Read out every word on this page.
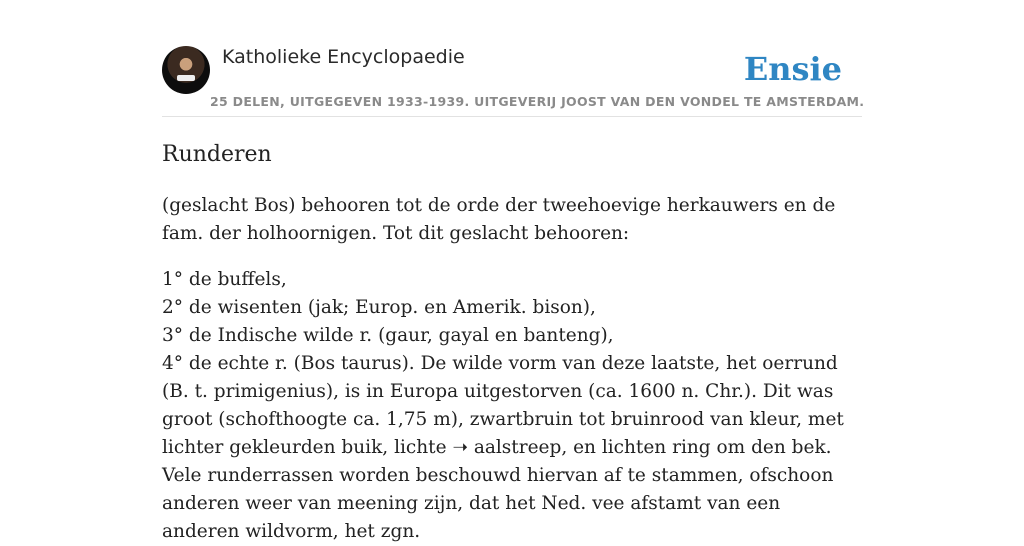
Katholieke Encyclopaedie	Ensie
25 DELEN, UITGEGEVEN 1933-1939. UITGEVERIJ JOOST VAN DEN VONDEL TE AMSTERDAM.
Runderen

(geslacht Bos) behooren tot de orde der tweehoevige herkauwers en de fam. der holhoornigen. Tot dit geslacht behooren:

1° de buffels,

2° de wisenten (jak; Europ. en Amerik. bison),

3° de Indische wilde r. (gaur, gayal en banteng),

4° de echte r. (Bos taurus). De wilde vorm van deze laatste, het oerrund (B. t. primigenius), is in Europa uitgestorven (ca. 1600 n. Chr.). Dit was groot (schofthoogte ca. 1,75 m), zwartbruin tot bruinrood van kleur, met lichter gekleurden buik, lichte ➝ aalstreep, en lichten ring om den bek. Vele runderrassen worden beschouwd hiervan af te stammen, ofschoon anderen weer van meening zijn, dat het Ned. vee afstamt van een anderen wildvorm, het zgn.
